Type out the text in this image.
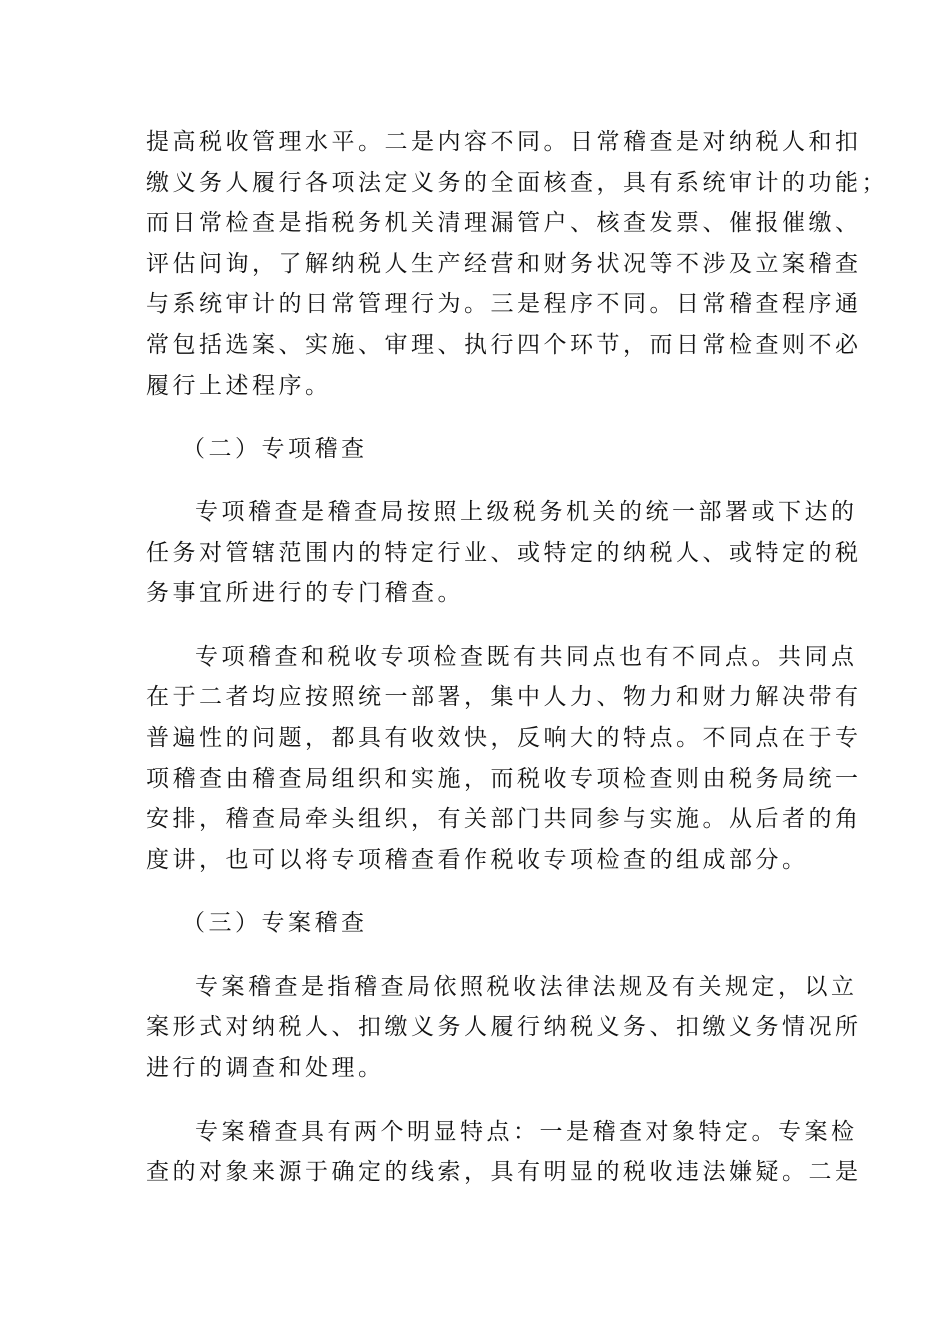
提高税收管理水平。二是内容不同。日常稽查是对纳税人和扣
缴义务人履行各项法定义务的全面核查，具有系统审计的功能；
而日常检查是指税务机关清理漏管户、核查发票、催报催缴、
评估问询，了解纳税人生产经营和财务状况等不涉及立案稽查
与系统审计的日常管理行为。三是程序不同。日常稽查程序通
常包括选案、实施、审理、执行四个环节，而日常检查则不必
履行上述程序。
（二）专项稽查
专项稽查是稽查局按照上级税务机关的统一部署或下达的
任务对管辖范围内的特定行业、或特定的纳税人、或特定的税
务事宜所进行的专门稽查。
专项稽查和税收专项检查既有共同点也有不同点。共同点
在于二者均应按照统一部署，集中人力、物力和财力解决带有
普遍性的问题，都具有收效快，反响大的特点。不同点在于专
项稽查由稽查局组织和实施，而税收专项检查则由税务局统一
安排，稽查局牵头组织，有关部门共同参与实施。从后者的角
度讲，也可以将专项稽查看作税收专项检查的组成部分。
（三）专案稽查
专案稽查是指稽查局依照税收法律法规及有关规定，以立
案形式对纳税人、扣缴义务人履行纳税义务、扣缴义务情况所
进行的调查和处理。
专案稽查具有两个明显特点：一是稽查对象特定。专案检
查的对象来源于确定的线索，具有明显的税收违法嫌疑。二是
